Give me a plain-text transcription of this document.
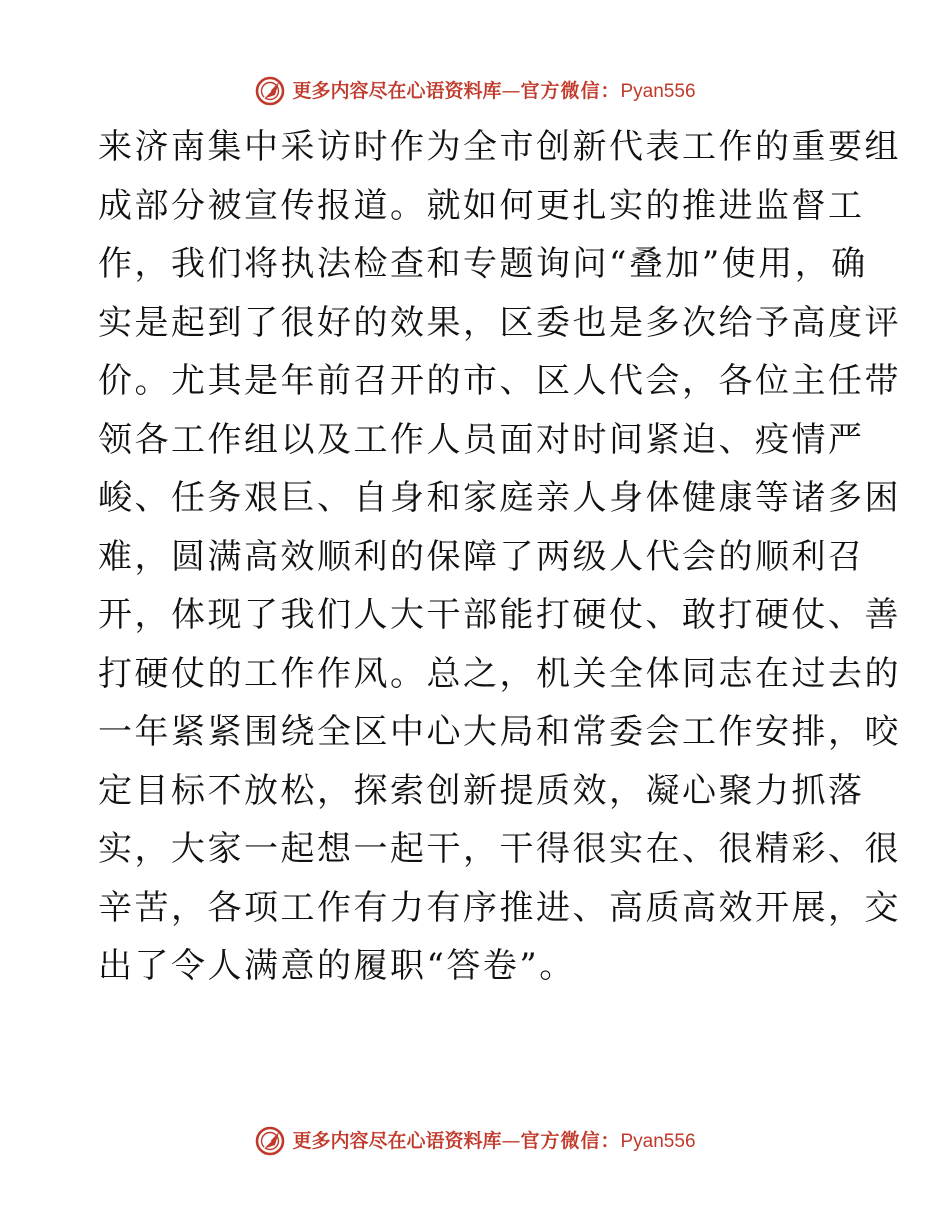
更多内容尽在心语资料库 — 官方微信： Pyan556
来济南集中采访时作为全市创新代表工作的重要组
成部分被宣传报道。就如何更扎实的推进监督工
作，我们将执法检查和专题询问“叠加”使用，确
实是起到了很好的效果，区委也是多次给予高度评
价。尤其是年前召开的市、区人代会，各位主任带
领各工作组以及工作人员面对时间紧迫、疫情严
峻、任务艰巨、自身和家庭亲人身体健康等诸多困
难，圆满高效顺利的保障了两级人代会的顺利召
开，体现了我们人大干部能打硬仗、敢打硬仗、善
打硬仗的工作作风。总之，机关全体同志在过去的
一年紧紧围绕全区中心大局和常委会工作安排，咬
定目标不放松，探索创新提质效，凝心聚力抓落
实，大家一起想一起干，干得很实在、很精彩、很
辛苦，各项工作有力有序推进、高质高效开展，交
出了令人满意的履职“答卷”。
更多内容尽在心语资料库 — 官方微信： Pyan556
